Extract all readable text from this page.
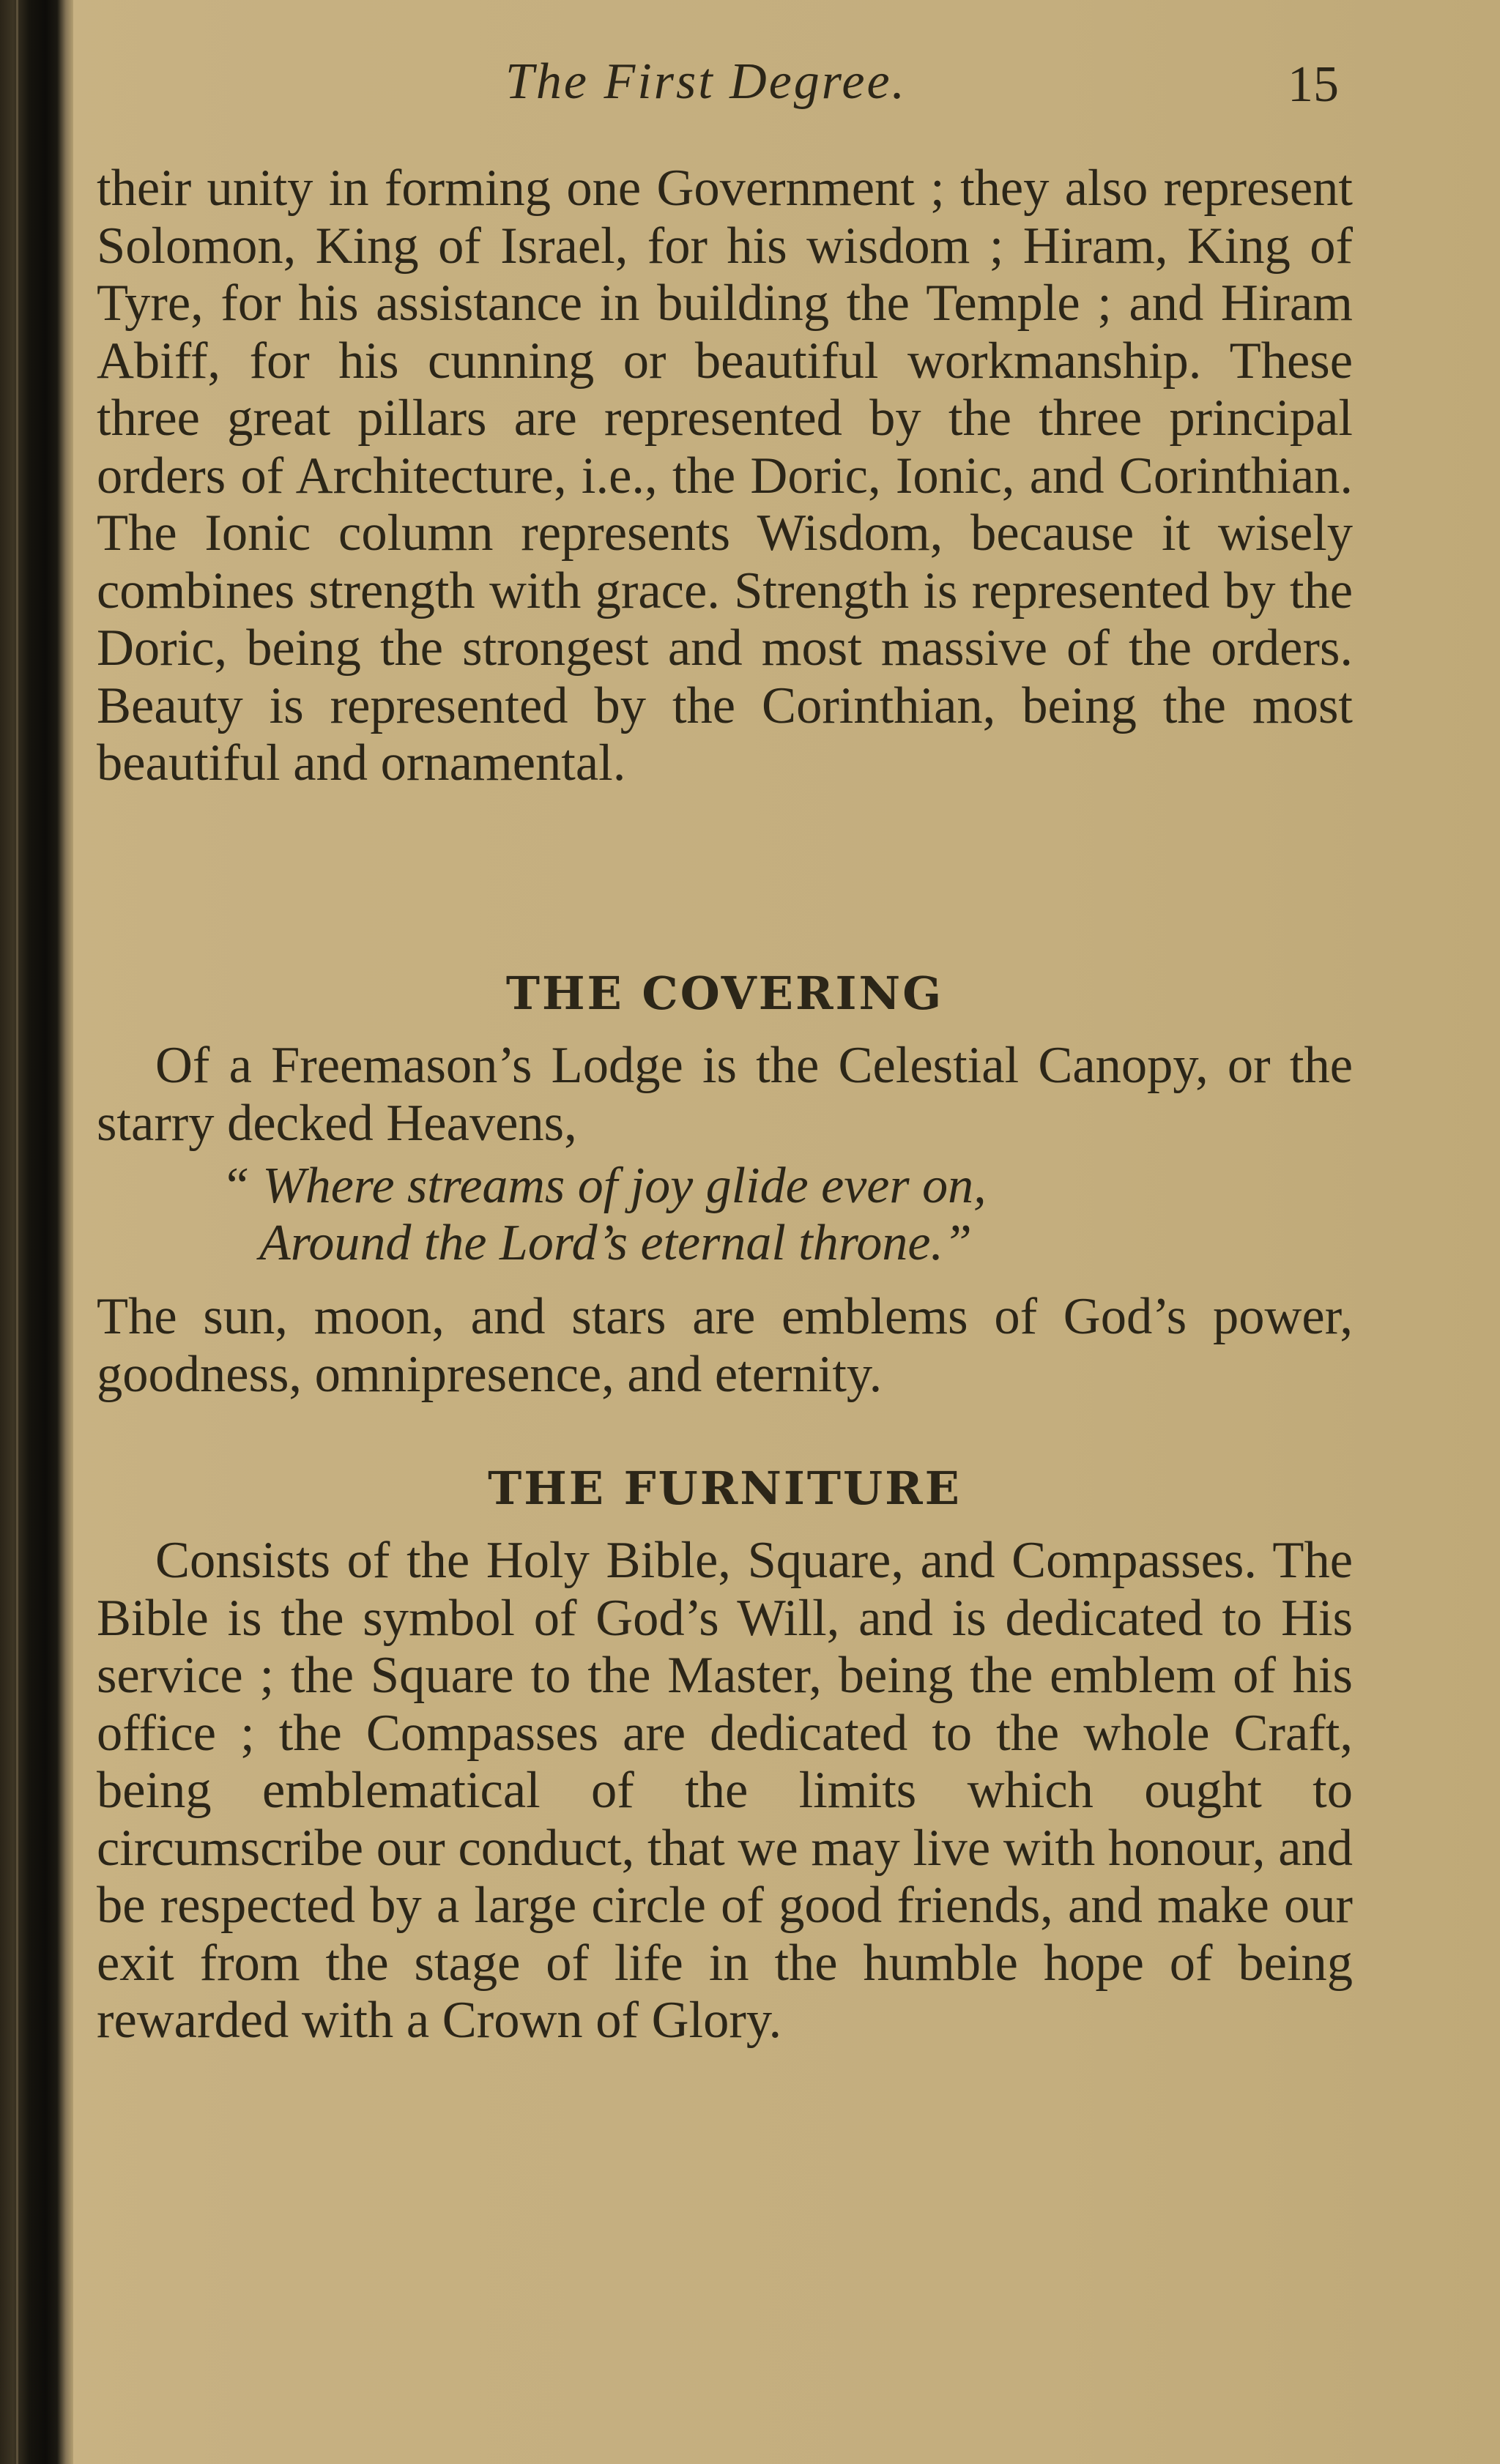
The First Degree.	15

their unity in forming one Government ; they also represent Solomon, King of Israel, for his wisdom ; Hiram, King of Tyre, for his assistance in building the Temple ; and Hiram Abiff, for his cunning or beautiful workmanship. These three great pillars are represented by the three principal orders of Architecture, i.e., the Doric, Ionic, and Corinthian. The Ionic column represents Wisdom, because it wisely combines strength with grace. Strength is represented by the Doric, being the strongest and most massive of the orders. Beauty is represented by the Corinthian, being the most beautiful and ornamental.

THE COVERING

Of a Freemason’s Lodge is the Celestial Canopy, or the starry decked Heavens,

“ Where streams of joy glide ever on,
Around the Lord’s eternal throne.”

The sun, moon, and stars are emblems of God’s power, goodness, omnipresence, and eternity.

THE FURNITURE

Consists of the Holy Bible, Square, and Compasses. The Bible is the symbol of God’s Will, and is dedicated to His service ; the Square to the Master, being the emblem of his office ; the Compasses are dedicated to the whole Craft, being emblematical of the limits which ought to circumscribe our conduct, that we may live with honour, and be respected by a large circle of good friends, and make our exit from the stage of life in the humble hope of being rewarded with a Crown of Glory.
